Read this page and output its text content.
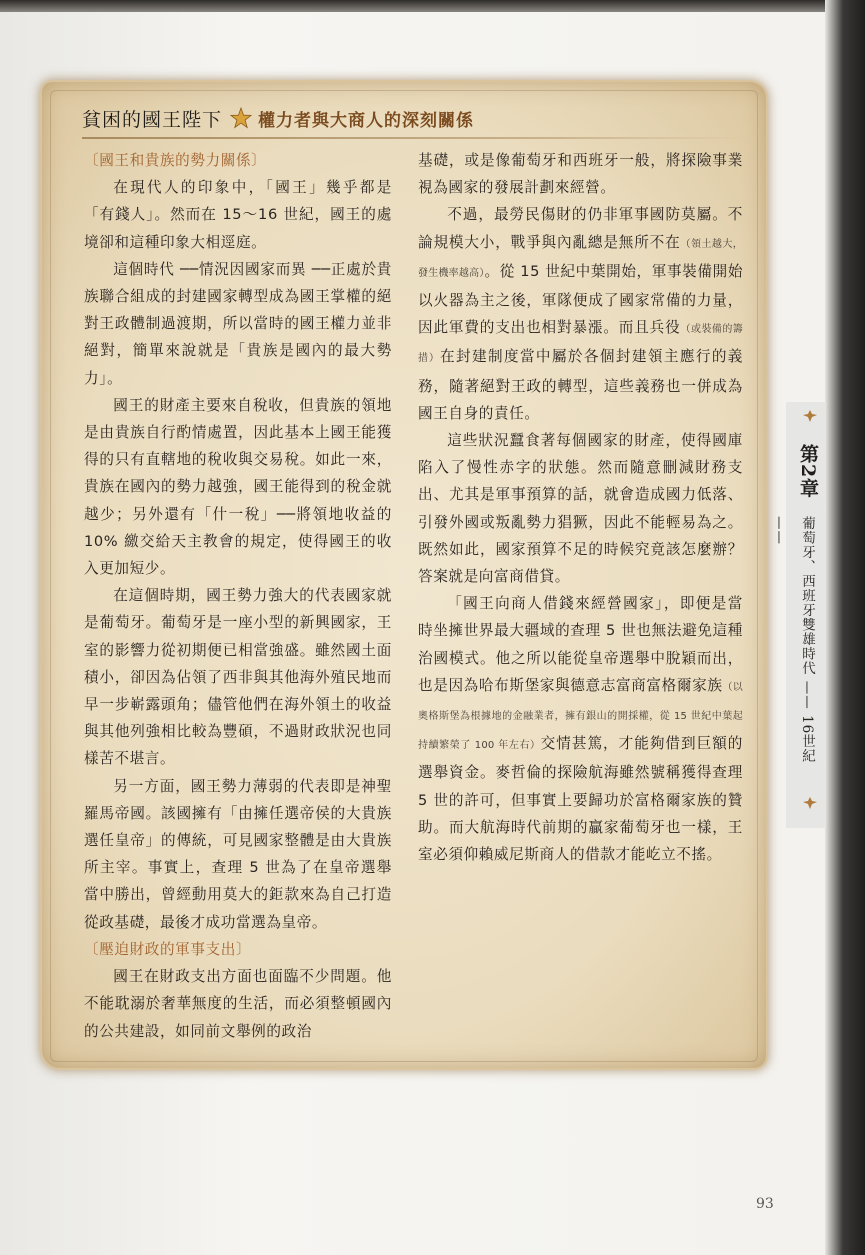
貧困的國王陛下 權力者與大商人的深刻關係

〔國王和貴族的勢力關係〕

在現代人的印象中，「國王」幾乎都是「有錢人」。然而在 15～16 世紀，國王的處境卻和這種印象大相逕庭。

這個時代 ──情況因國家而異 ──正處於貴族聯合組成的封建國家轉型成為國王掌權的絕對王政體制過渡期，所以當時的國王權力並非絕對，簡單來說就是「貴族是國內的最大勢力」。

國王的財產主要來自稅收，但貴族的領地是由貴族自行酌情處置，因此基本上國王能獲得的只有直轄地的稅收與交易稅。如此一來，貴族在國內的勢力越強，國王能得到的稅金就越少；另外還有「什一稅」──將領地收益的 10% 繳交給天主教會的規定，使得國王的收入更加短少。

在這個時期，國王勢力強大的代表國家就是葡萄牙。葡萄牙是一座小型的新興國家，王室的影響力從初期便已相當強盛。雖然國土面積小，卻因為佔領了西非與其他海外殖民地而早一步嶄露頭角；儘管他們在海外領土的收益與其他列強相比較為豐碩，不過財政狀況也同樣苦不堪言。

另一方面，國王勢力薄弱的代表即是神聖羅馬帝國。該國擁有「由擁任選帝侯的大貴族選任皇帝」的傳統，可見國家整體是由大貴族所主宰。事實上，查理 5 世為了在皇帝選舉當中勝出，曾經動用莫大的鉅款來為自己打造從政基礎，最後才成功當選為皇帝。

〔壓迫財政的軍事支出〕

國王在財政支出方面也面臨不少問題。他不能耽溺於奢華無度的生活，而必須整頓國內的公共建設，如同前文舉例的政治

基礎，或是像葡萄牙和西班牙一般，將探險事業視為國家的發展計劃來經營。

不過，最勞民傷財的仍非軍事國防莫屬。不論規模大小，戰爭與內亂總是無所不在（領土越大，發生機率越高）。從 15 世紀中葉開始，軍事裝備開始以火器為主之後，軍隊便成了國家常備的力量，因此軍費的支出也相對暴漲。而且兵役（或裝備的籌措）在封建制度當中屬於各個封建領主應行的義務，隨著絕對王政的轉型，這些義務也一併成為國王自身的責任。

這些狀況蠶食著每個國家的財產，使得國庫陷入了慢性赤字的狀態。然而隨意刪減財務支出、尤其是軍事預算的話，就會造成國力低落、引發外國或叛亂勢力猖獗，因此不能輕易為之。既然如此，國家預算不足的時候究竟該怎麼辦？答案就是向富商借貸。

「國王向商人借錢來經營國家」，即便是當時坐擁世界最大疆域的查理 5 世也無法避免這種治國模式。他之所以能從皇帝選舉中脫穎而出，也是因為哈布斯堡家與德意志富商富格爾家族（以奧格斯堡為根據地的金融業者，擁有銀山的開採權，從 15 世紀中葉起持續繁榮了 100 年左右）交情甚篤，才能夠借到巨額的選舉資金。麥哲倫的探險航海雖然號稱獲得查理 5 世的許可，但事實上要歸功於富格爾家族的贊助。而大航海時代前期的贏家葡萄牙也一樣，王室必須仰賴威尼斯商人的借款才能屹立不搖。

第2章
葡萄牙、西班牙雙雄時代 —— 16世紀 ——
93
